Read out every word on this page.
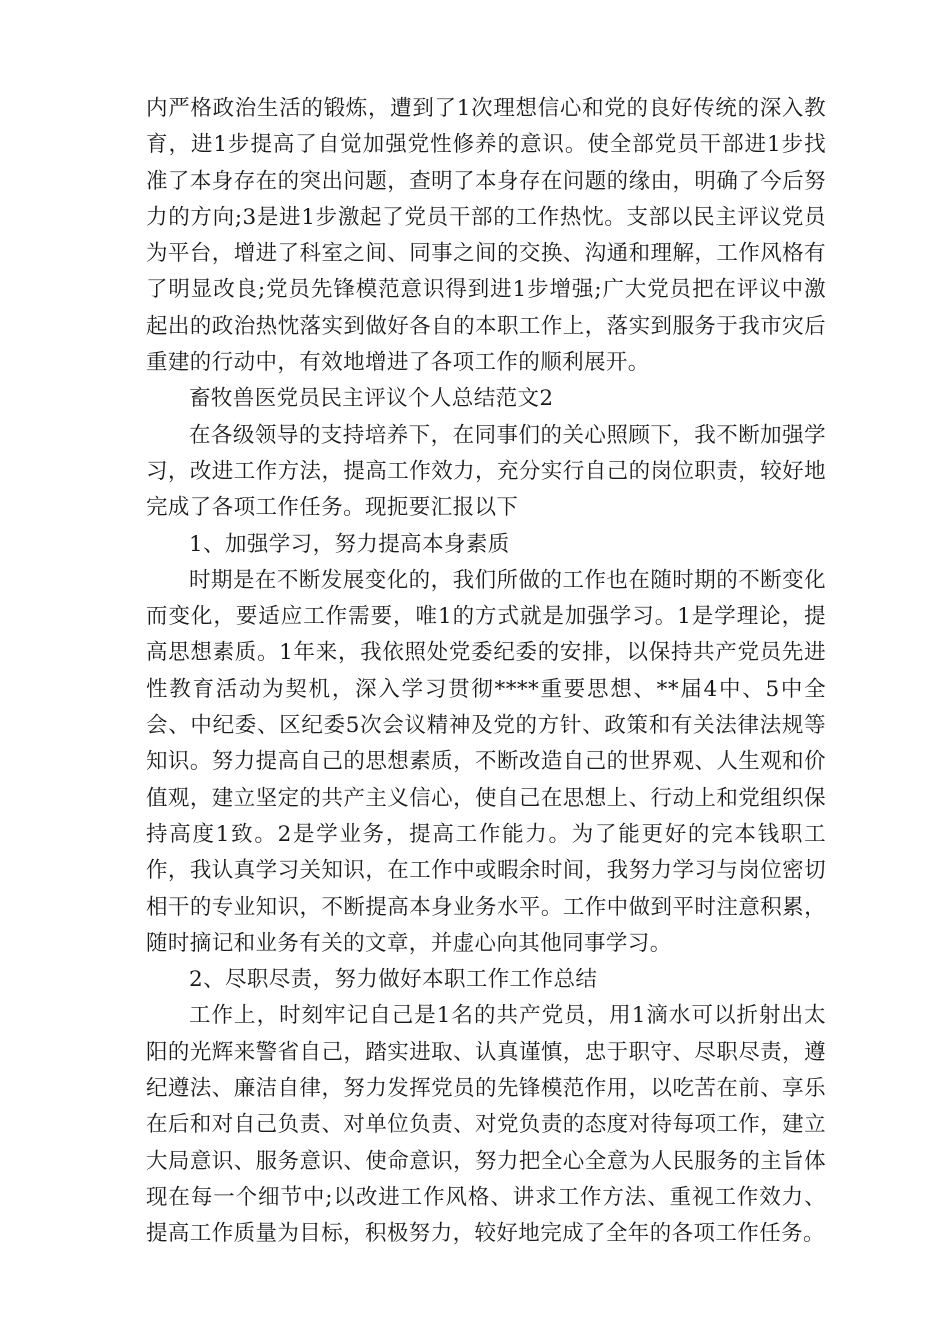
内严格政治生活的锻炼，遭到了1次理想信心和党的良好传统的深入教育，进1步提高了自觉加强党性修养的意识。使全部党员干部进1步找准了本身存在的突出问题，查明了本身存在问题的缘由，明确了今后努力的方向;3是进1步激起了党员干部的工作热忱。支部以民主评议党员为平台，增进了科室之间、同事之间的交换、沟通和理解，工作风格有了明显改良;党员先锋模范意识得到进1步增强;广大党员把在评议中激起出的政治热忱落实到做好各自的本职工作上，落实到服务于我市灾后重建的行动中，有效地增进了各项工作的顺利展开。

畜牧兽医党员民主评议个人总结范文2

在各级领导的支持培养下，在同事们的关心照顾下，我不断加强学习，改进工作方法，提高工作效力，充分实行自己的岗位职责，较好地完成了各项工作任务。现扼要汇报以下

1、加强学习，努力提高本身素质

时期是在不断发展变化的，我们所做的工作也在随时期的不断变化而变化，要适应工作需要，唯1的方式就是加强学习。1是学理论，提高思想素质。1年来，我依照处党委纪委的安排，以保持共产党员先进性教育活动为契机，深入学习贯彻****重要思想、**届4中、5中全会、中纪委、区纪委5次会议精神及党的方针、政策和有关法律法规等知识。努力提高自己的思想素质，不断改造自己的世界观、人生观和价值观，建立坚定的共产主义信心，使自己在思想上、行动上和党组织保持高度1致。2是学业务，提高工作能力。为了能更好的完本钱职工作，我认真学习关知识，在工作中或暇余时间，我努力学习与岗位密切相干的专业知识，不断提高本身业务水平。工作中做到平时注意积累，随时摘记和业务有关的文章，并虚心向其他同事学习。

2、尽职尽责，努力做好本职工作工作总结

工作上，时刻牢记自己是1名的共产党员，用1滴水可以折射出太阳的光辉来警省自己，踏实进取、认真谨慎，忠于职守、尽职尽责，遵纪遵法、廉洁自律，努力发挥党员的先锋模范作用，以吃苦在前、享乐在后和对自己负责、对单位负责、对党负责的态度对待每项工作，建立大局意识、服务意识、使命意识，努力把全心全意为人民服务的主旨体现在每一个细节中;以改进工作风格、讲求工作方法、重视工作效力、提高工作质量为目标，积极努力，较好地完成了全年的各项工作任务。
